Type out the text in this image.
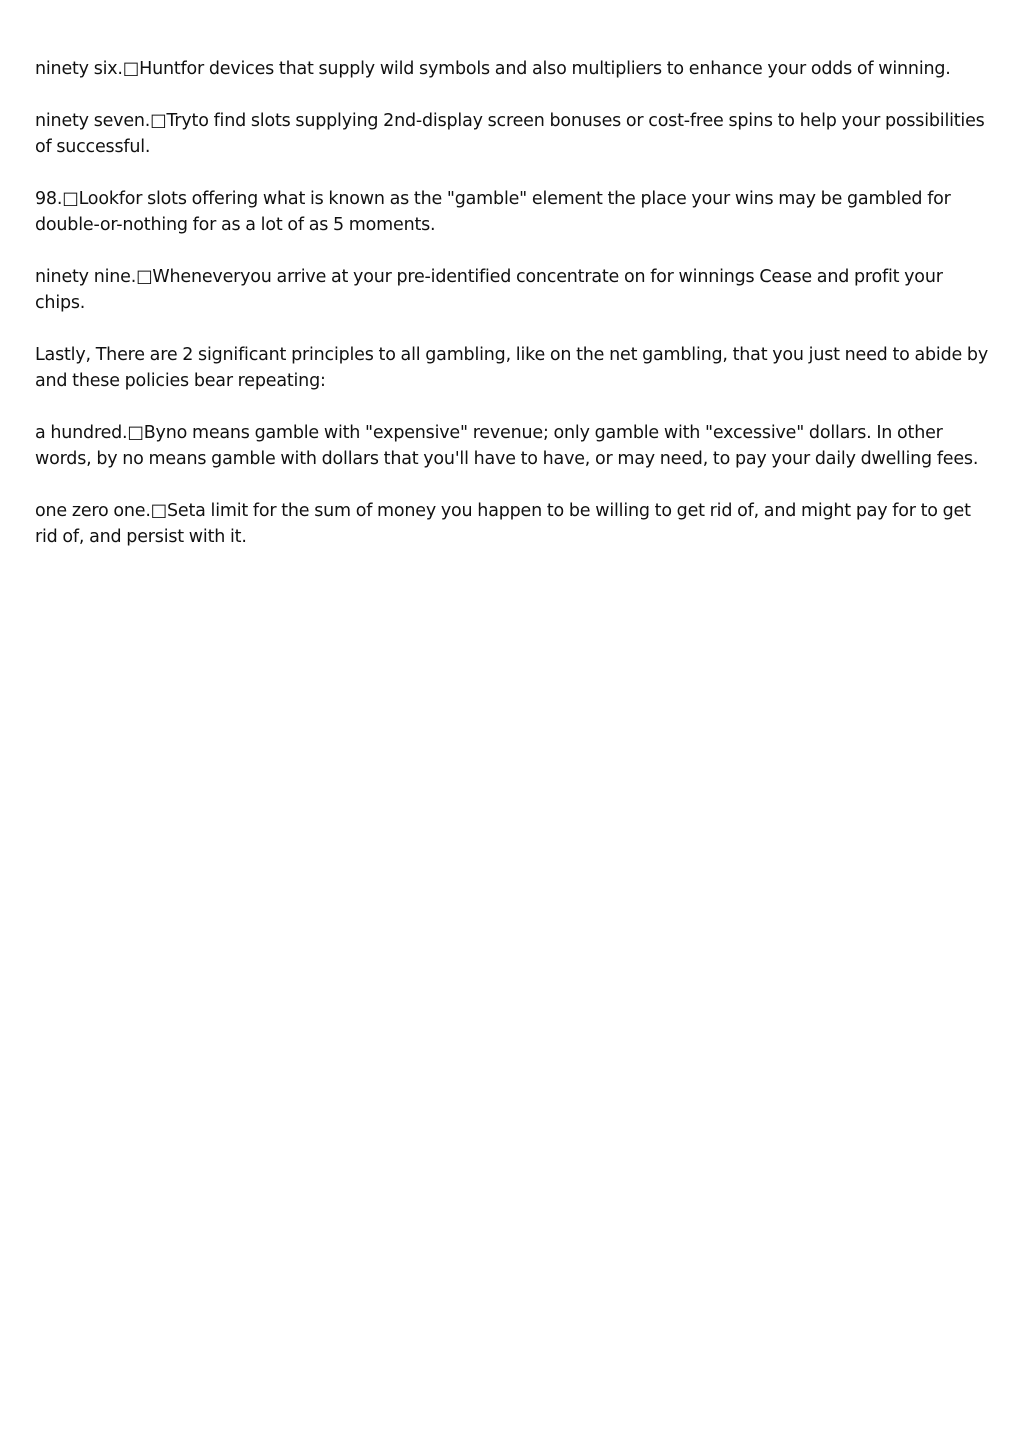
ninety six.□Huntfor devices that supply wild symbols and also multipliers to enhance your odds of winning.

ninety seven.□Tryto find slots supplying 2nd-display screen bonuses or cost-free spins to help your possibilities of successful.

98.□Lookfor slots offering what is known as the "gamble" element the place your wins may be gambled for double-or-nothing for as a lot of as 5 moments.

ninety nine.□Wheneveryou arrive at your pre-identified concentrate on for winnings Cease and profit your chips.

Lastly, There are 2 significant principles to all gambling, like on the net gambling, that you just need to abide by and these policies bear repeating:

a hundred.□Byno means gamble with "expensive" revenue; only gamble with "excessive" dollars. In other words, by no means gamble with dollars that you'll have to have, or may need, to pay your daily dwelling fees.

one zero one.□Seta limit for the sum of money you happen to be willing to get rid of, and might pay for to get rid of, and persist with it.
